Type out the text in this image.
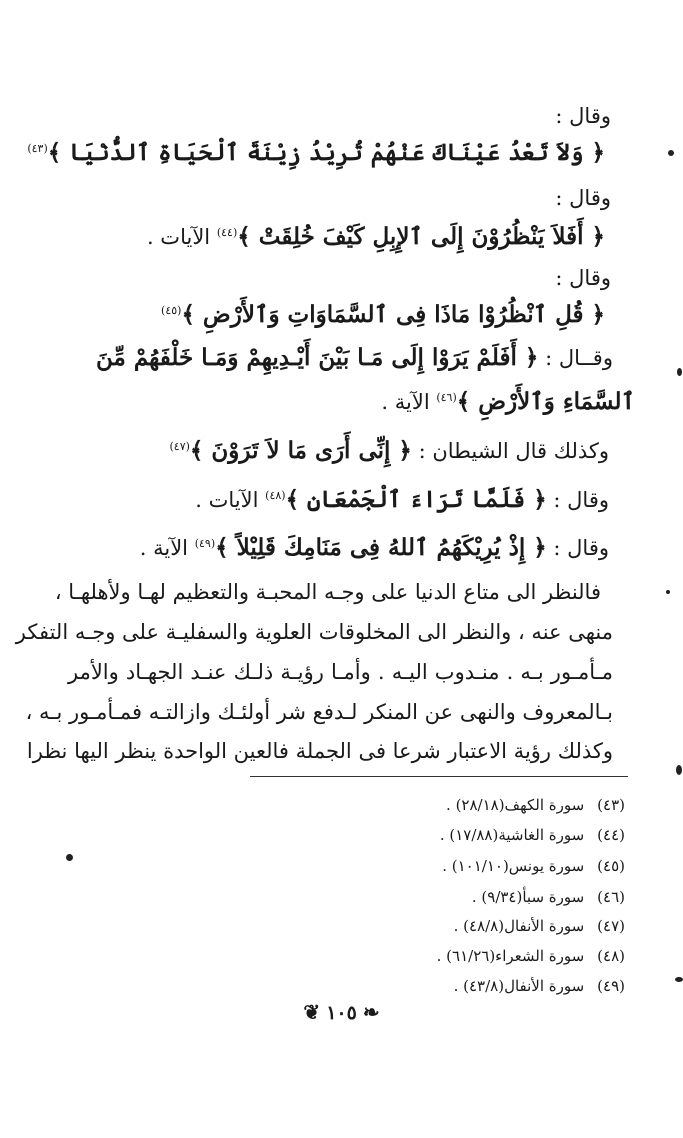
وقال :
﴿ وَلاَ تَعْدُ عَيْنَاكَ عَنْهُمْ تُرِيْدُ زِيْنَةَ ٱلْحَيَاةِ ٱلدُّنْيَا ﴾$^{(٤٣)}$
وقال :
﴿ أَفَلاَ يَنْظُرُوْنَ إِلَى ٱلإِبِلِ كَيْفَ خُلِقَتْ ﴾$^{(٤٤)}$ الآيات .
وقال :
﴿ قُلِ ٱنْظُرُوْا مَاذَا فِى ٱلسَّمَاوَاتِ وَٱلأَرْضِ ﴾$^{(٤٥)}$
وقــال : ﴿ أَفَلَمْ يَرَوْا إِلَى مَـا بَيْنَ أَيْـدِيهِمْ وَمَـا خَلْفَهُمْ مِّنَ
ٱلسَّمَاءِ وَٱلأَرْضِ ﴾$^{(٤٦)}$ الآية .
وكذلك قال الشيطان : ﴿ إِنِّى أَرَى مَا لاَ تَرَوْنَ ﴾$^{(٤٧)}$
وقال : ﴿ فَلَمَّا تَرَاءَ ٱلْجَمْعَانِ ﴾$^{(٤٨)}$ الآيات .
وقال : ﴿ إِذْ يُرِيْكَهُمُ ٱللهُ فِى مَنَامِكَ قَلِيْلاً ﴾$^{(٤٩)}$ الآية .
فالنظر الى متاع الدنيا على وجـه المحبـة والتعظيم لهـا ولأهلهـا ،
منهى عنه ، والنظر الى المخلوقات العلوية والسفليـة على وجـه التفكر
مـأمـور بـه . منـدوب اليـه . وأمـا رؤيـة ذلـك عنـد الجهـاد والأمر
بـالمعروف والنهى عن المنكر لـدفع شر أولئـك وازالتـه فمـأمـور بـه ،
وكذلك رؤية الاعتبار شرعا فى الجملة فالعين الواحدة ينظر اليها نظرا
(٤٣) سورة الكهف(٢٨/١٨) .
(٤٤) سورة الغاشية(١٧/٨٨) .
(٤٥) سورة يونس(١٠١/١٠) .
(٤٦) سورة سبأ(٩/٣٤) .
(٤٧) سورة الأنفال(٤٨/٨) .
(٤٨) سورة الشعراء(٦١/٢٦) .
(٤٩) سورة الأنفال(٤٣/٨) .
❧١٠٥❦
